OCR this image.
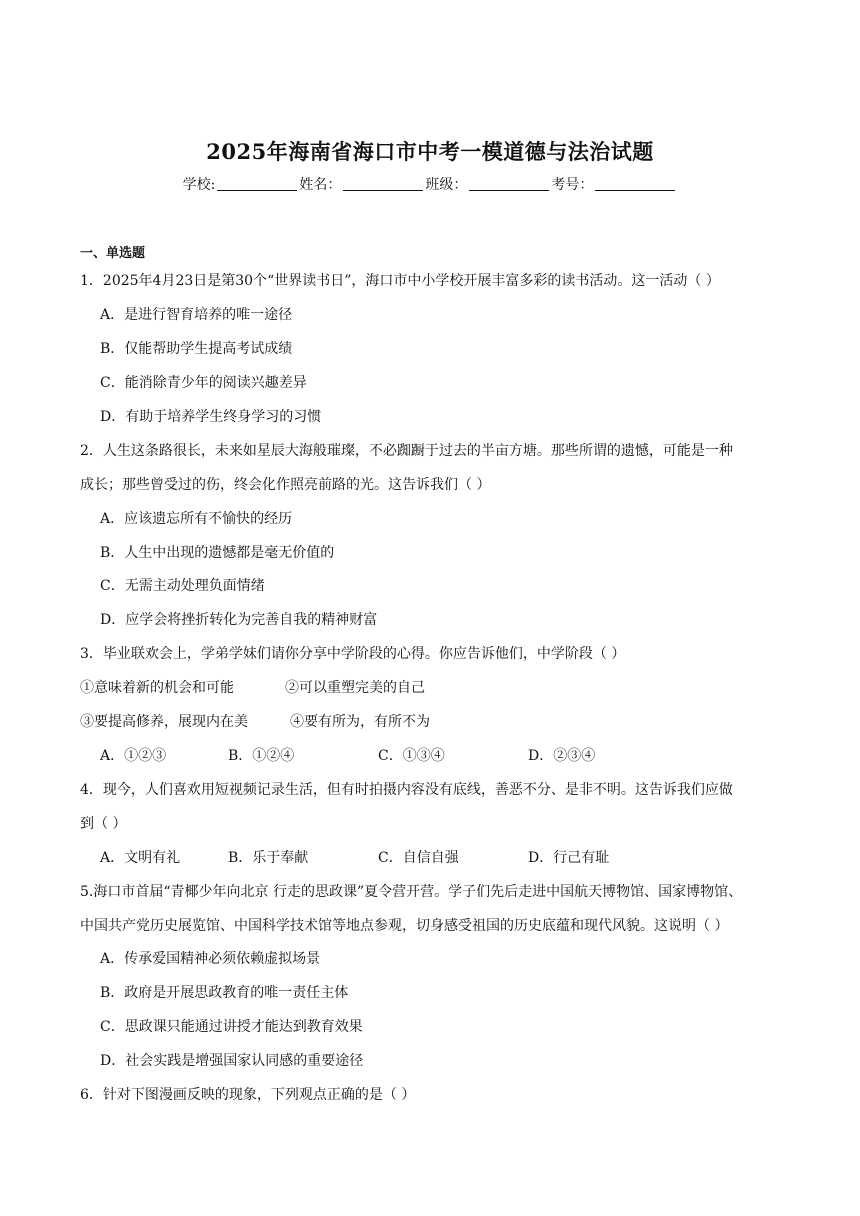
2025年海南省海口市中考一模道德与法治试题
学校:	姓名：	班级：	考号：
一、单选题
1．2025年4月23日是第30个“世界读书日”，海口市中小学校开展丰富多彩的读书活动。这一活动（ ）
A．是进行智育培养的唯一途径
B．仅能帮助学生提高考试成绩
C．能消除青少年的阅读兴趣差异
D．有助于培养学生终身学习的习惯
2．人生这条路很长，未来如星辰大海般璀璨，不必踟蹰于过去的半亩方塘。那些所谓的遗憾，可能是一种
成长；那些曾受过的伤，终会化作照亮前路的光。这告诉我们（ ）
A．应该遗忘所有不愉快的经历
B．人生中出现的遗憾都是毫无价值的
C．无需主动处理负面情绪
D．应学会将挫折转化为完善自我的精神财富
3．毕业联欢会上，学弟学妹们请你分享中学阶段的心得。你应告诉他们，中学阶段（ ）
①意味着新的机会和可能	②可以重塑完美的自己
③要提高修养，展现内在美	④要有所为，有所不为
A．①②③	B．①②④	C．①③④	D．②③④
4．现今，人们喜欢用短视频记录生活，但有时拍摄内容没有底线，善恶不分、是非不明。这告诉我们应做
到（ ）
A．文明有礼	B．乐于奉献	C．自信自强	D．行己有耻
5.海口市首届“青椰少年向北京 行走的思政课”夏令营开营。学子们先后走进中国航天博物馆、国家博物馆、
中国共产党历史展览馆、中国科学技术馆等地点参观，切身感受祖国的历史底蕴和现代风貌。这说明（ ）
A．传承爱国精神必须依赖虚拟场景
B．政府是开展思政教育的唯一责任主体
C．思政课只能通过讲授才能达到教育效果
D．社会实践是增强国家认同感的重要途径
6．针对下图漫画反映的现象，下列观点正确的是（ ）
